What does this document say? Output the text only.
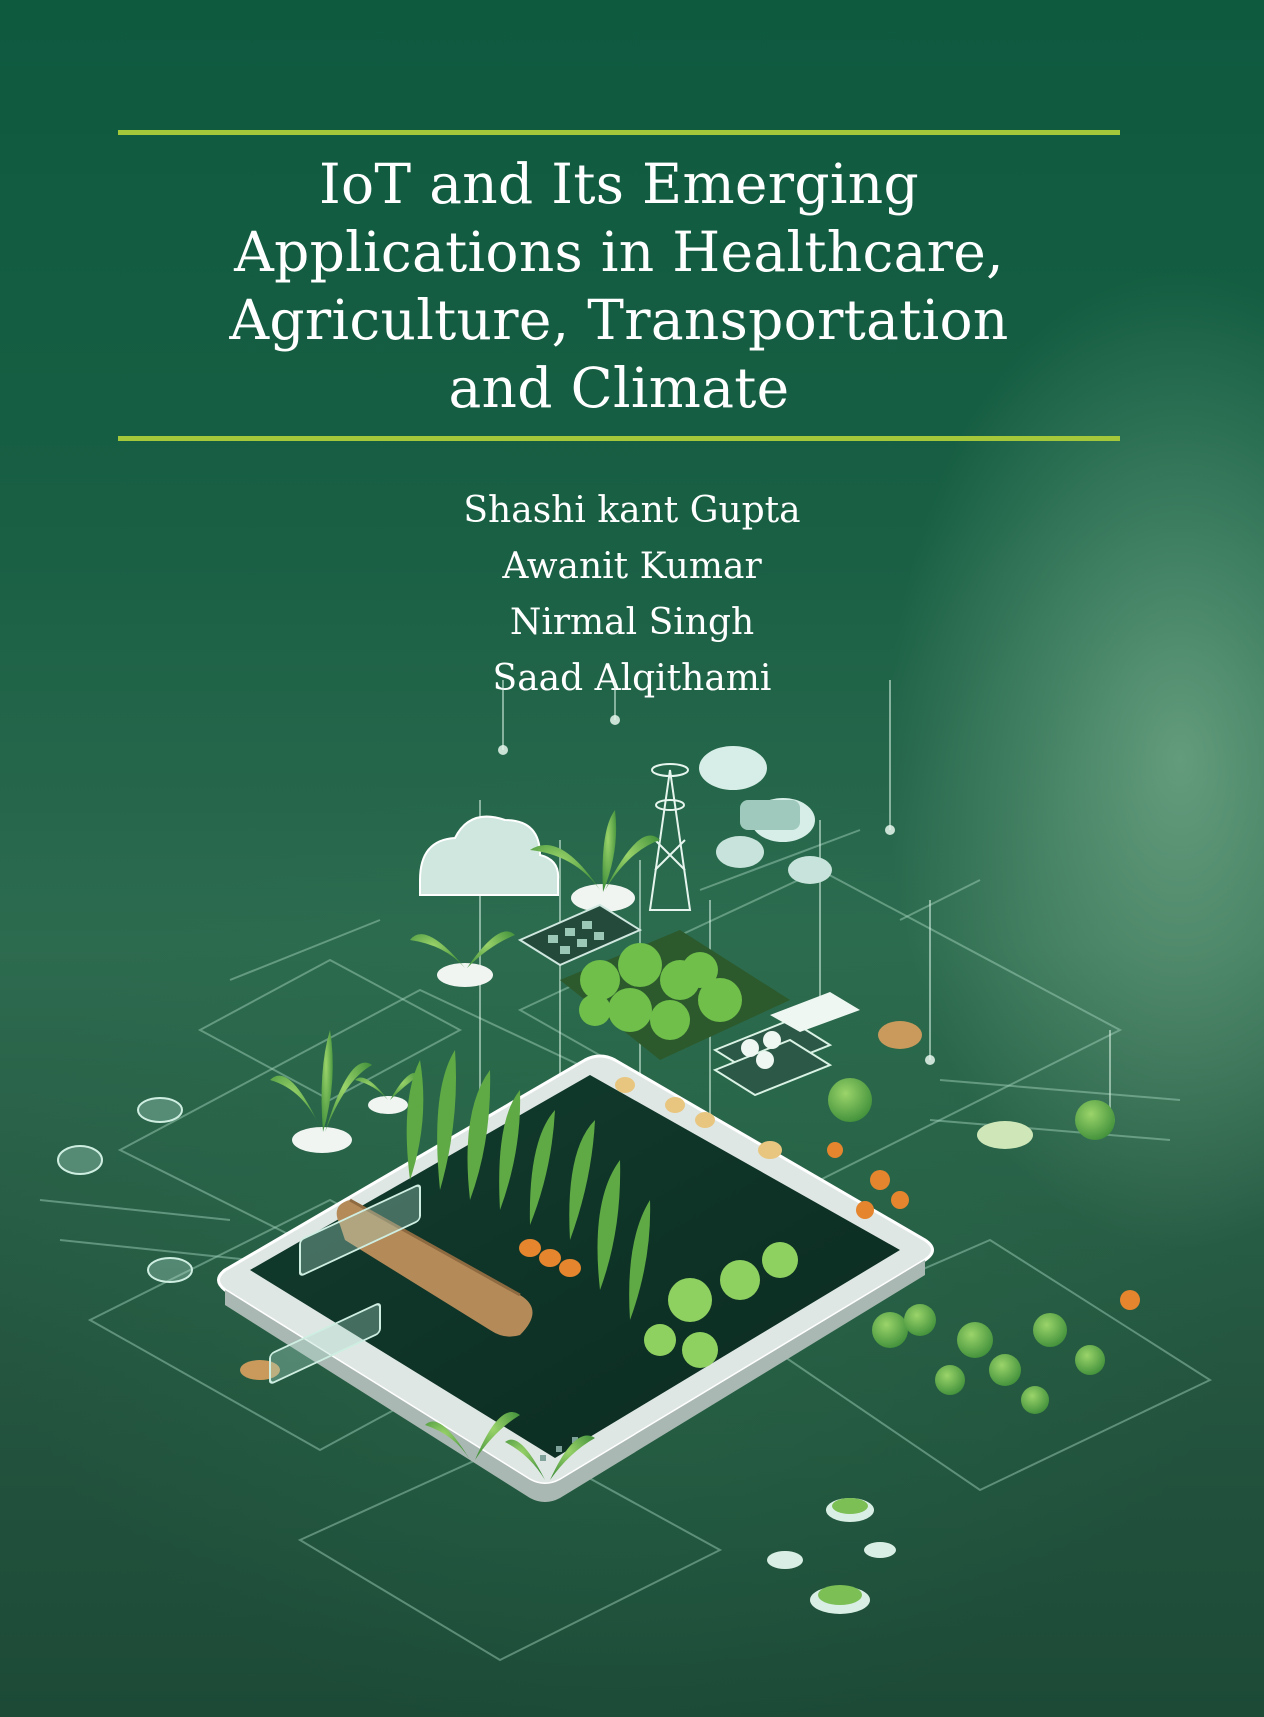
IoT and Its Emerging
Applications in Healthcare,
Agriculture, Transportation
and Climate
Shashi kant Gupta
Awanit Kumar
Nirmal Singh
Saad Alqithami
